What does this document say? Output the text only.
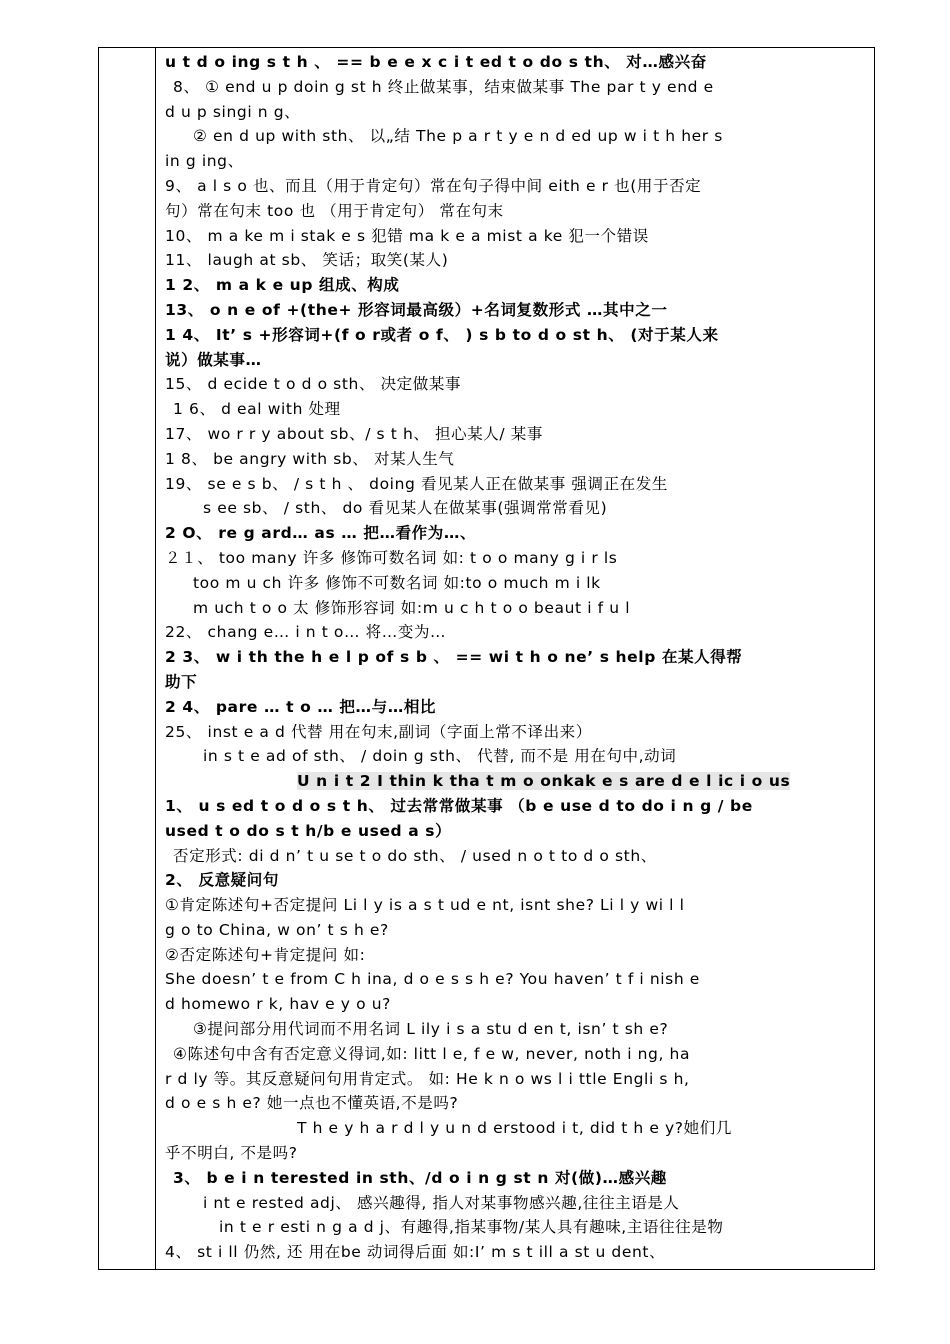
u t d o ing s t h 、 == b e e x c i t ed t o do s th、 对…感兴奋
8、 ① end u p doin g st h 终止做某事，结束做某事 The par t y end e
d u p singi n g、
② en d up with sth、 以„结 The p a r t y e n d ed up w i t h her s
in g ing、
9、 a l s o 也、而且（用于肯定句）常在句子得中间 eith e r 也(用于否定
句）常在句末 too 也 （用于肯定句） 常在句末
10、 m a ke m i stak e s 犯错 ma k e a mist a ke 犯一个错误
11、 laugh at sb、 笑话；取笑(某人)
1 2、 m a k e up 组成、构成
13、 o n e of +(the+ 形容词最高级）+名词复数形式 …其中之一
1 4、 It’ s +形容词+(f o r或者 o f、 ) s b to d o st h、 (对于某人来
说）做某事…
15、 d ecide t o d o sth、 决定做某事
1 6、 d eal with 处理
17、 wo r r y about sb、/ s t h、 担心某人/ 某事
1 8、 be angry with sb、 对某人生气
19、 se e s b、 / s t h 、 doing 看见某人正在做某事 强调正在发生
s ee sb、 / sth、 do 看见某人在做某事(强调常常看见)
2 O、 re g ard… as … 把…看作为…、
２１、 too many 许多 修饰可数名词 如: t o o many g i r ls
too m u ch 许多 修饰不可数名词 如:to o much m i lk
m uch t o o 太 修饰形容词 如:m u c h t o o beaut i f u l
22、 chang e… i n t o… 将…变为…
2 3、 w i th the h e l p of s b 、 == wi t h o ne’ s help 在某人得帮
助下
2 4、 pare … t o … 把…与…相比
25、 inst e a d 代替 用在句末,副词（字面上常不译出来）
in s t e ad of sth、 / doin g sth、 代替, 而不是 用在句中,动词
U n i t 2 I thin k tha t m o onkak e s are d e l ic i o us
1、 u s ed t o d o s t h、 过去常常做某事 （b e use d to do i n g / be
used t o do s t h/b e used a s）
否定形式: di d n’ t u se t o do sth、 / used n o t to d o sth、
2、 反意疑问句
①肯定陈述句+否定提问 Li l y is a s t ud e nt, isnt she? Li l y wi l l
g o to China, w on’ t s h e?
②否定陈述句+肯定提问 如:
She doesn’ t e from C h ina, d o e s s h e? You haven’ t f i nish e
d homewo r k, hav e y o u?
③提问部分用代词而不用名词 L ily i s a stu d en t, isn’ t sh e?
④陈述句中含有否定意义得词,如: litt l e, f e w, never, noth i ng, ha
r d ly 等。其反意疑问句用肯定式。 如: He k n o ws l i ttle Engli s h,
d o e s h e? 她一点也不懂英语,不是吗?
T h e y h a r d l y u n d erstood i t, did t h e y?她们几
乎不明白, 不是吗?
3、 b e i n terested in sth、/d o i n g st n 对(做)…感兴趣
i nt e rested adj、 感兴趣得, 指人对某事物感兴趣,往往主语是人
in t e r esti n g a d j、有趣得,指某事物/某人具有趣味,主语往往是物
4、 st i ll 仍然, 还 用在be 动词得后面 如:I’ m s t ill a st u dent、
